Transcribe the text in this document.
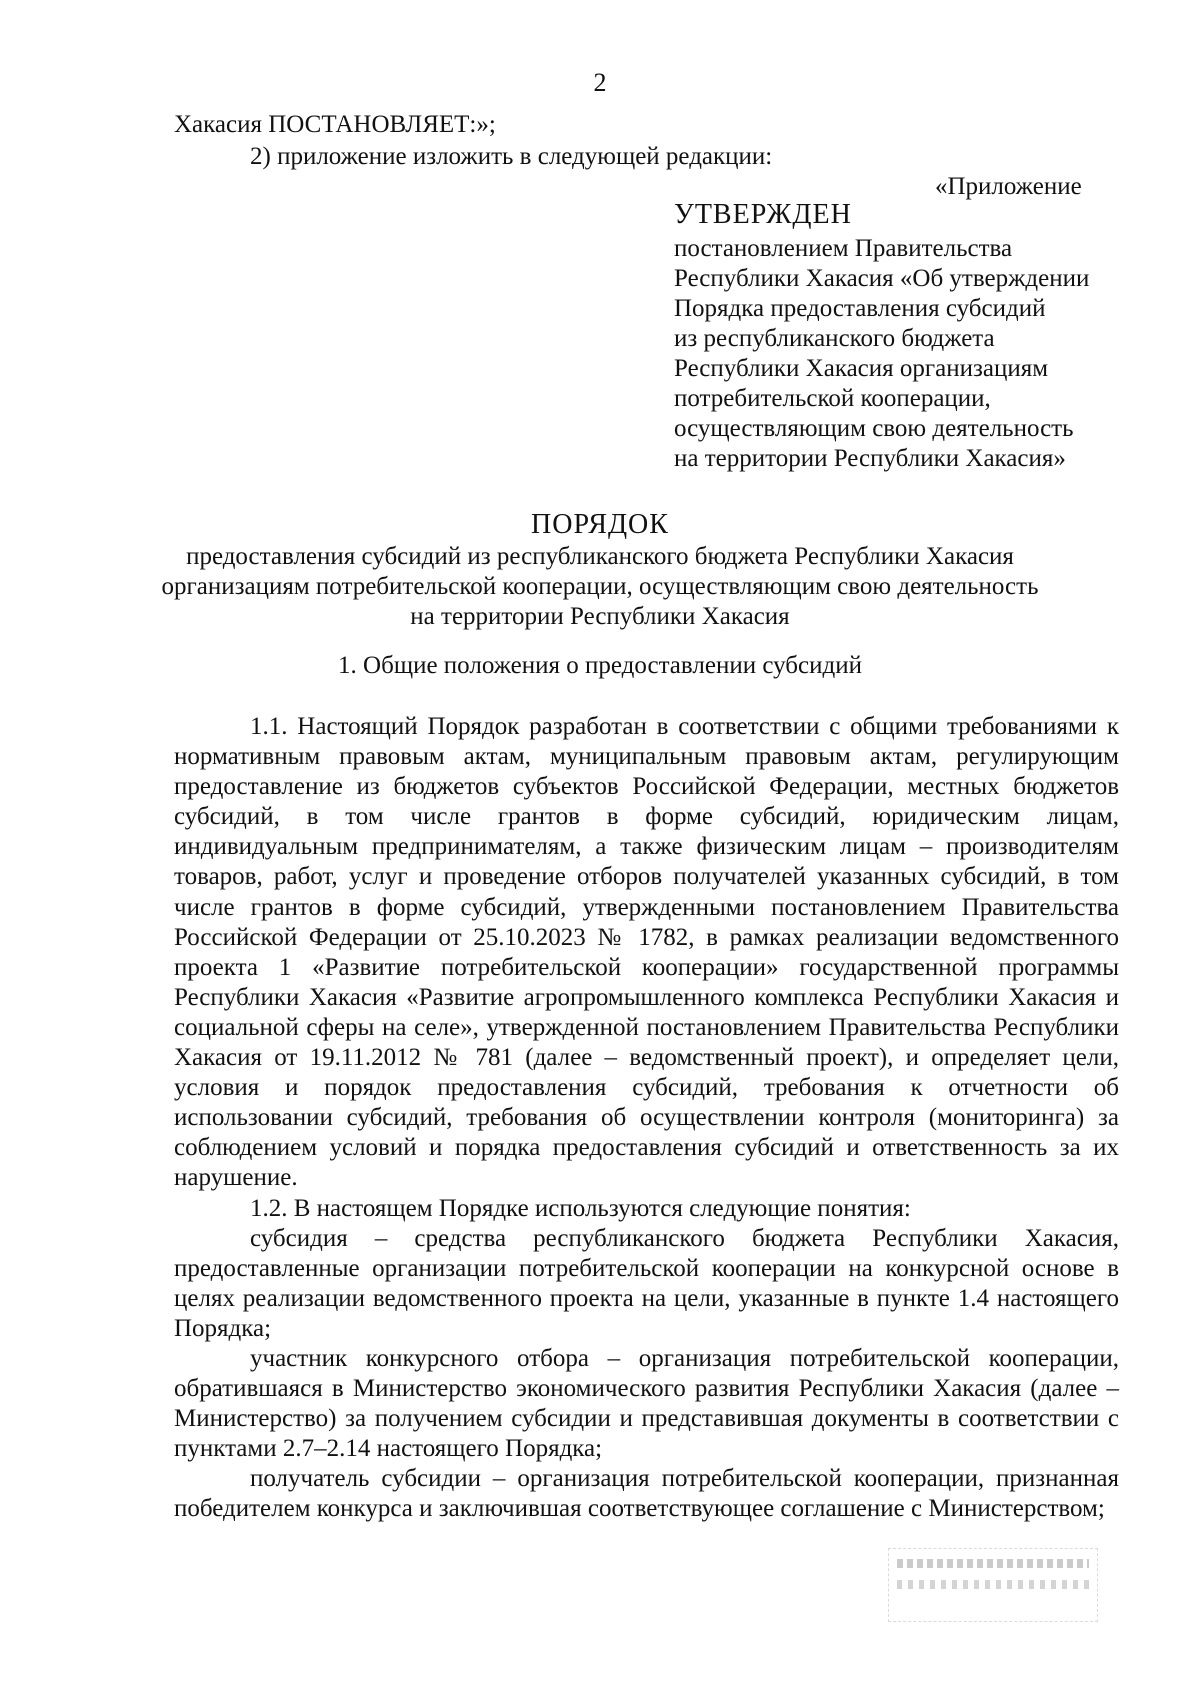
2
Хакасия ПОСТАНОВЛЯЕТ:»;
2) приложение изложить в следующей редакции:
«Приложение
УТВЕРЖДЕН
постановлением Правительства
Республики Хакасия «Об утверждении
Порядка предоставления субсидий
из республиканского бюджета
Республики Хакасия организациям
потребительской кооперации,
осуществляющим свою деятельность
на территории Республики Хакасия»
ПОРЯДОК
предоставления субсидий из республиканского бюджета Республики Хакасия
организациям потребительской кооперации, осуществляющим свою деятельность
на территории Республики Хакасия
1. Общие положения о предоставлении субсидий

1.1. Настоящий Порядок разработан в соответствии с общими требованиями к нормативным правовым актам, муниципальным правовым актам, регулирующим предоставление из бюджетов субъектов Российской Федерации, местных бюджетов субсидий, в том числе грантов в форме субсидий, юридическим лицам, индивидуальным предпринимателям, а также физическим лицам – производителям товаров, работ, услуг и проведение отборов получателей указанных субсидий, в том числе грантов в форме субсидий, утвержденными постановлением Правительства Российской Федерации от 25.10.2023 № 1782, в рамках реализации ведомственного проекта 1 «Развитие потребительской кооперации» государственной программы Республики Хакасия «Развитие агропромышленного комплекса Республики Хакасия и социальной сферы на селе», утвержденной постановлением Правительства Республики Хакасия от 19.11.2012 № 781 (далее – ведомственный проект), и определяет цели, условия и порядок предоставления субсидий, требования к отчетности об использовании субсидий, требования об осуществлении контроля (мониторинга) за соблюдением условий и порядка предоставления субсидий и ответственность за их нарушение.

1.2. В настоящем Порядке используются следующие понятия:

субсидия – средства республиканского бюджета Республики Хакасия, предоставленные организации потребительской кооперации на конкурсной основе в целях реализации ведомственного проекта на цели, указанные в пункте 1.4 настоящего Порядка;

участник конкурсного отбора – организация потребительской кооперации, обратившаяся в Министерство экономического развития Республики Хакасия (далее – Министерство) за получением субсидии и представившая документы в соответствии с пунктами 2.7–2.14 настоящего Порядка;

получатель субсидии – организация потребительской кооперации, признанная победителем конкурса и заключившая соответствующее соглашение с Министерством;
